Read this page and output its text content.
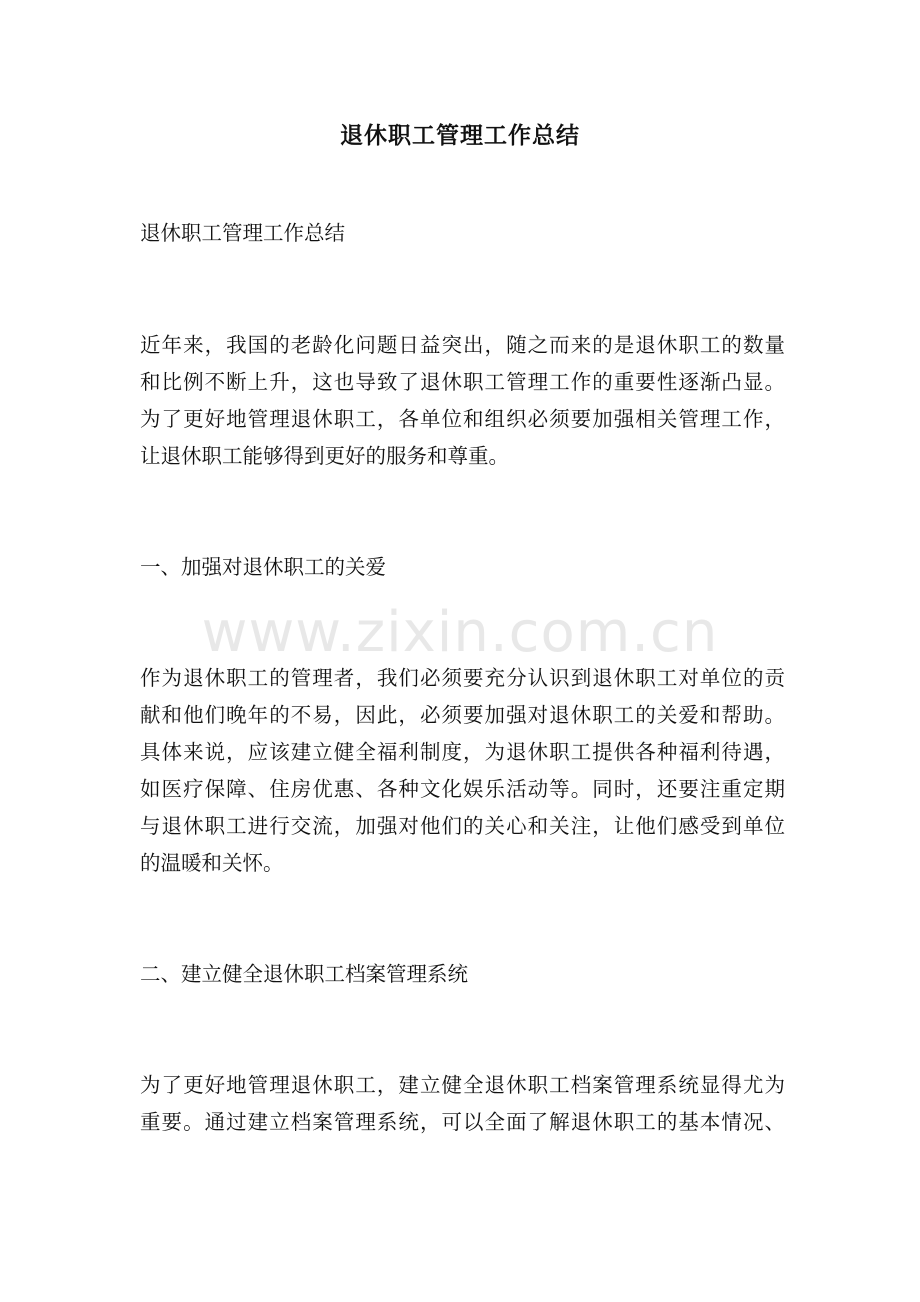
退休职工管理工作总结

退休职工管理工作总结

近年来，我国的老龄化问题日益突出，随之而来的是退休职工的数量
和比例不断上升，这也导致了退休职工管理工作的重要性逐渐凸显。
为了更好地管理退休职工，各单位和组织必须要加强相关管理工作，
让退休职工能够得到更好的服务和尊重。

一、加强对退休职工的关爱

作为退休职工的管理者，我们必须要充分认识到退休职工对单位的贡
献和他们晚年的不易，因此，必须要加强对退休职工的关爱和帮助。
具体来说，应该建立健全福利制度，为退休职工提供各种福利待遇，
如医疗保障、住房优惠、各种文化娱乐活动等。同时，还要注重定期
与退休职工进行交流，加强对他们的关心和关注，让他们感受到单位
的温暖和关怀。

二、建立健全退休职工档案管理系统

为了更好地管理退休职工，建立健全退休职工档案管理系统显得尤为
重要。通过建立档案管理系统，可以全面了解退休职工的基本情况、

www.zixin.com.cn
